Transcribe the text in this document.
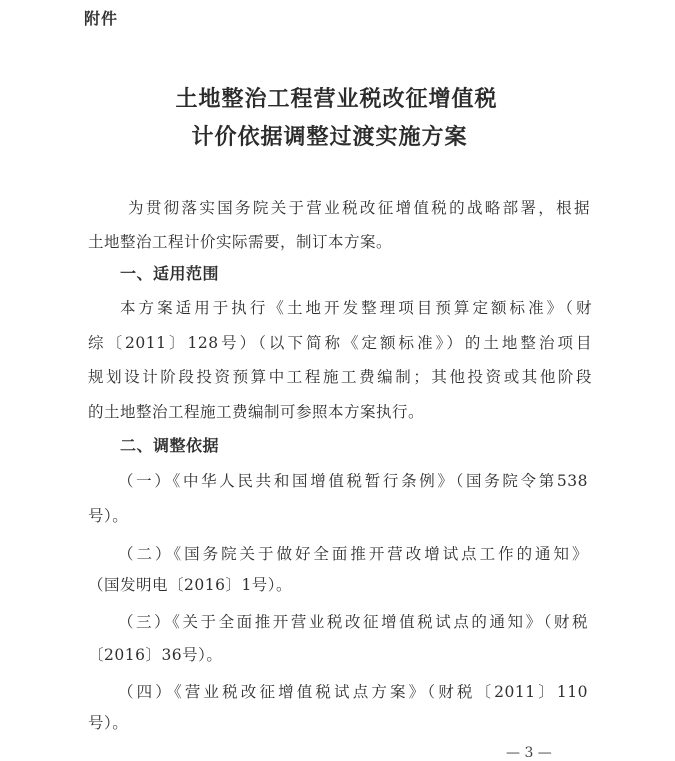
附件
土地整治工程营业税改征增值税
计价依据调整过渡实施方案
为贯彻落实国务院关于营业税改征增值税的战略部署，根据
土地整治工程计价实际需要，制订本方案。
一、适用范围
本方案适用于执行《土地开发整理项目预算定额标准》（财
综〔2011〕128号）（以下简称《定额标准》）的土地整治项目
规划设计阶段投资预算中工程施工费编制；其他投资或其他阶段
的土地整治工程施工费编制可参照本方案执行。
二、调整依据
（一）《中华人民共和国增值税暂行条例》（国务院令第538
号）。
（二）《国务院关于做好全面推开营改增试点工作的通知》
（国发明电〔2016〕1号）。
（三）《关于全面推开营业税改征增值税试点的通知》（财税
〔2016〕36号）。
（四）《营业税改征增值税试点方案》（财税〔2011〕110
号）。
— 3 —
